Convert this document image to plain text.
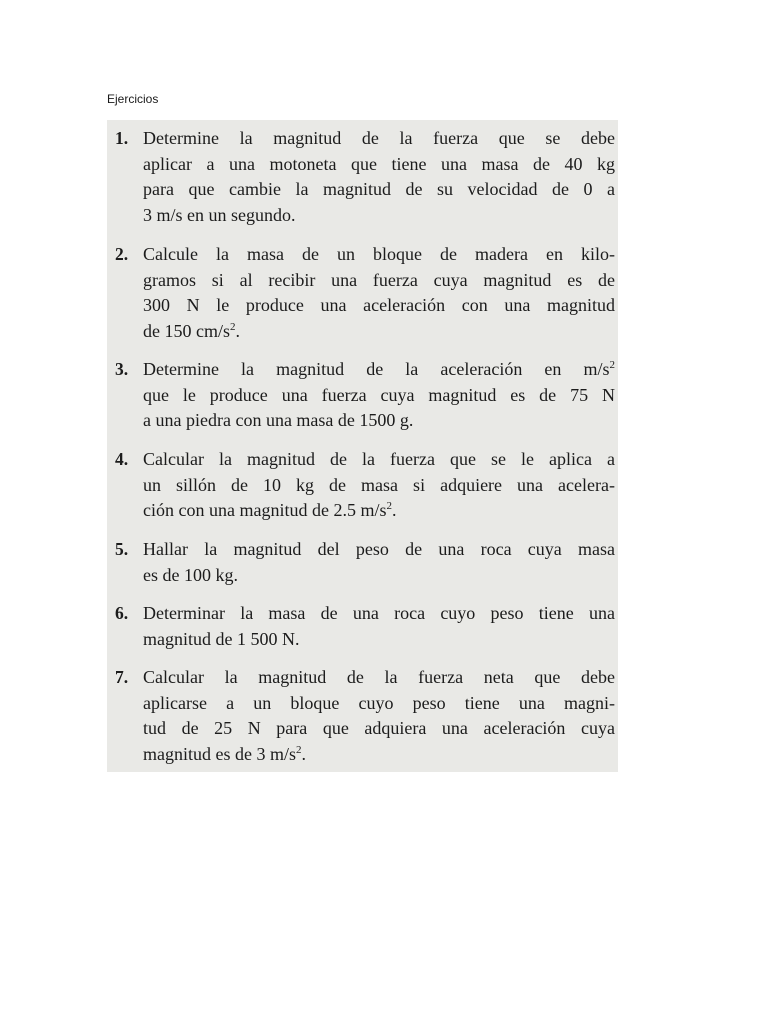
Ejercicios
1. Determine la magnitud de la fuerza que se debe
aplicar a una motoneta que tiene una masa de 40 kg
para que cambie la magnitud de su velocidad de 0 a
3 m/s en un segundo.
2. Calcule la masa de un bloque de madera en kilo-
gramos si al recibir una fuerza cuya magnitud es de
300 N le produce una aceleración con una magnitud
de 150 $cm/s^2$.
3. Determine la magnitud de la aceleración en $m/s^2$
que le produce una fuerza cuya magnitud es de 75 N
a una piedra con una masa de 1500 g.
4. Calcular la magnitud de la fuerza que se le aplica a
un sillón de 10 kg de masa si adquiere una acelera-
ción con una magnitud de 2.5 $m/s^2$.
5. Hallar la magnitud del peso de una roca cuya masa
es de 100 kg.
6. Determinar la masa de una roca cuyo peso tiene una
magnitud de 1 500 N.
7. Calcular la magnitud de la fuerza neta que debe
aplicarse a un bloque cuyo peso tiene una magni-
tud de 25 N para que adquiera una aceleración cuya
magnitud es de 3 $m/s^2$.
